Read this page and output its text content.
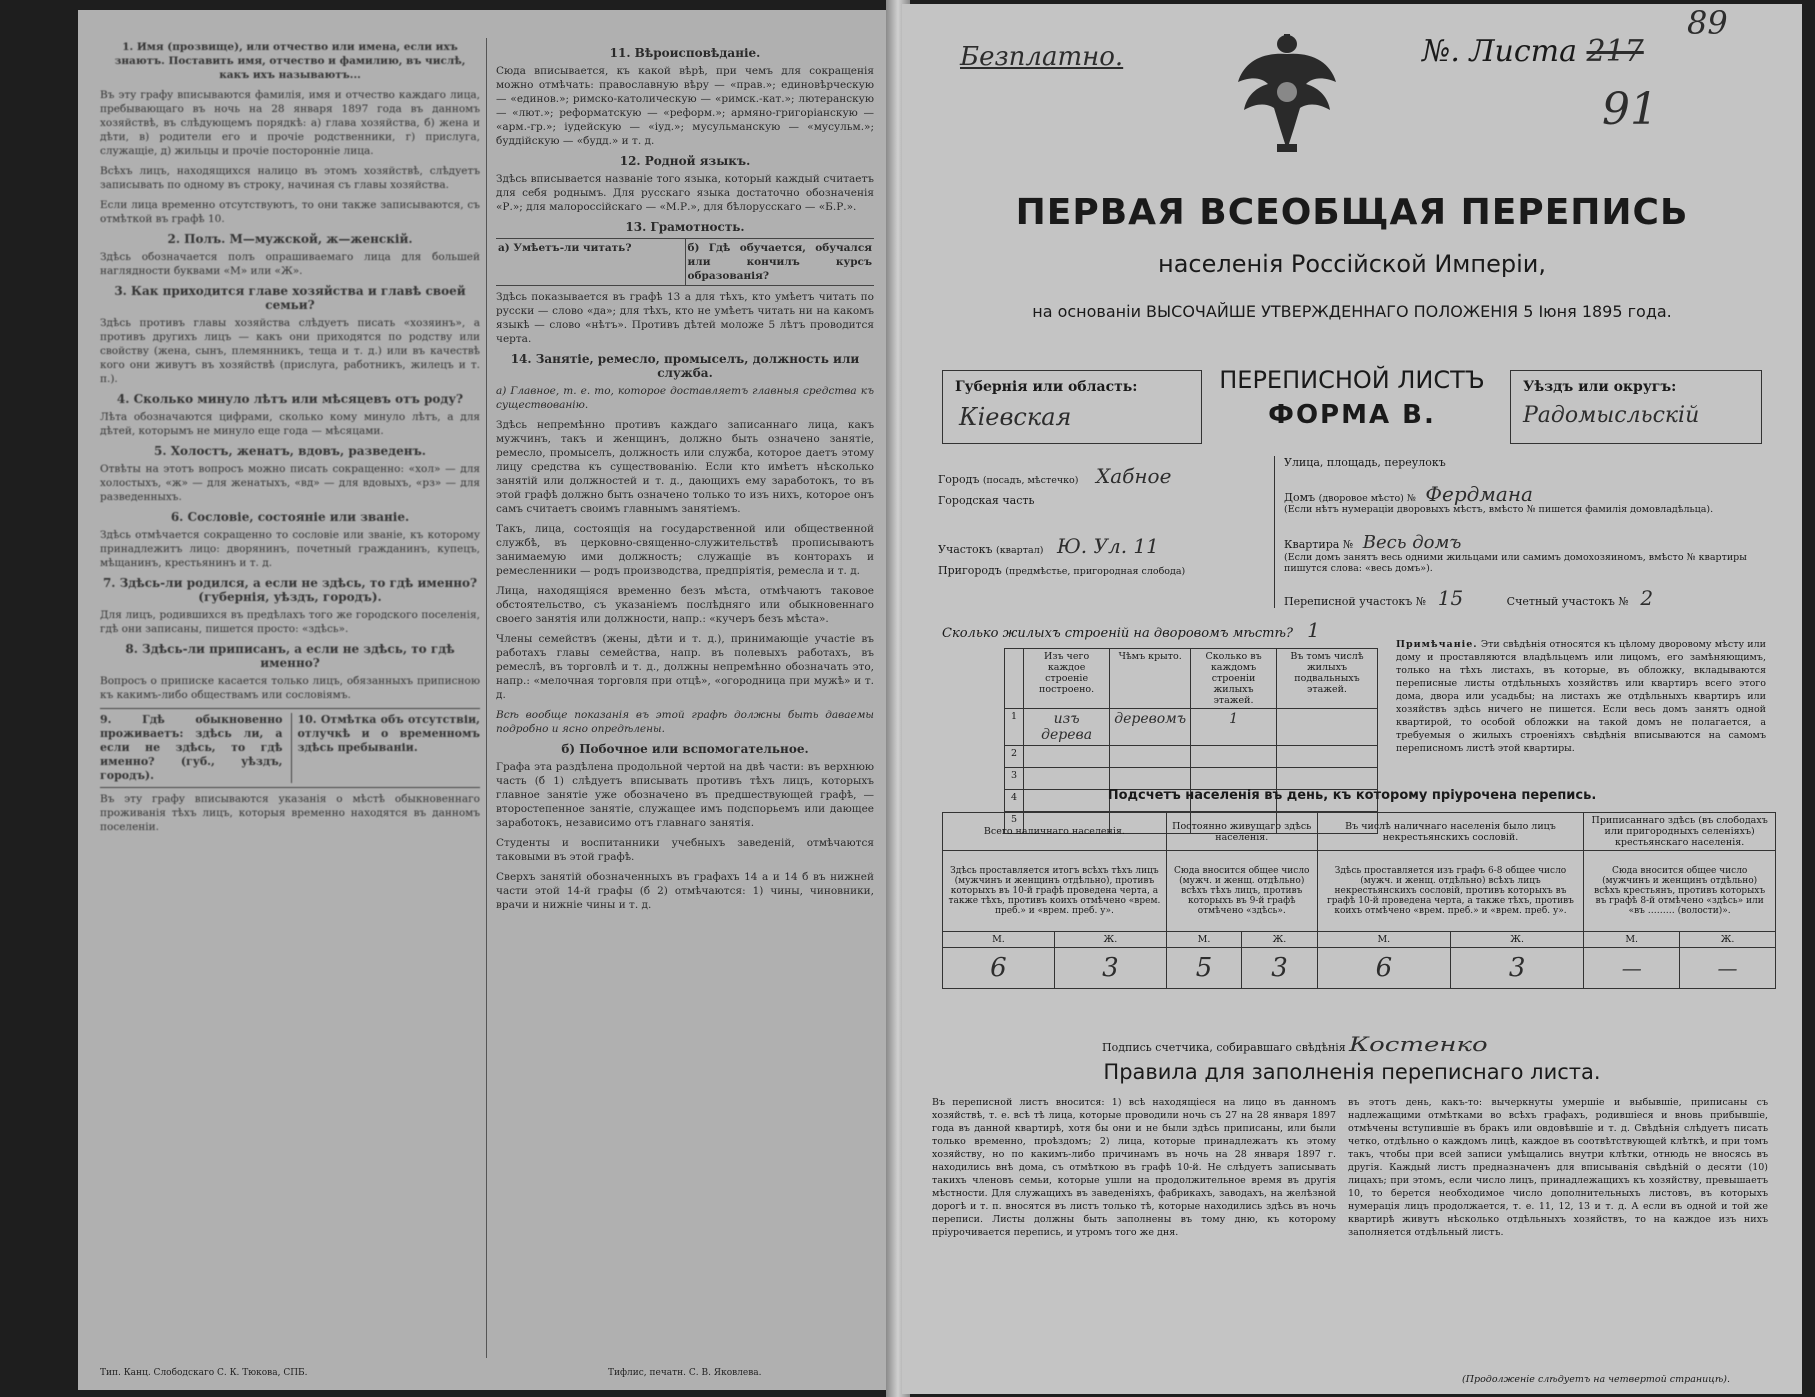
1. Имя (прозвище), или отчество или имена, если ихъ знаютъ. Поставить имя, отчество и фамилию, въ числѣ, какъ ихъ называютъ...

Въ эту графу вписываются фамилія, имя и отчество каждаго лица, пребывающаго въ ночь на 28 января 1897 года въ данномъ хозяйствѣ, въ слѣдующемъ порядкѣ: а) глава хозяйства, б) жена и дѣти, в) родители его и прочіе родственники, г) прислуга, служащіе, д) жильцы и прочіе посторонніе лица.

Всѣхъ лицъ, находящихся налицо въ этомъ хозяйствѣ, слѣдуетъ записывать по одному въ строку, начиная съ главы хозяйства.

Если лица временно отсутствуютъ, то они также записываются, съ отмѣткой въ графѣ 10.

2. Полъ. М—мужской, ж—женскій.

Здѣсь обозначается полъ опрашиваемаго лица для большей наглядности буквами «М» или «Ж».

3. Как приходится главе хозяйства и главѣ своей семьи?

Здѣсь противъ главы хозяйства слѣдуетъ писать «хозяинъ», а противъ другихъ лицъ — какъ они приходятся по родству или свойству (жена, сынъ, племянникъ, теща и т. д.) или въ качествѣ кого они живутъ въ хозяйствѣ (прислуга, работникъ, жилецъ и т. п.).

4. Сколько минуло лѣтъ или мѣсяцевъ отъ роду?

Лѣта обозначаются цифрами, сколько кому минуло лѣтъ, а для дѣтей, которымъ не минуло еще года — мѣсяцами.

5. Холостъ, женатъ, вдовъ, разведенъ.

Отвѣты на этотъ вопросъ можно писать сокращенно: «хол» — для холостыхъ, «ж» — для женатыхъ, «вд» — для вдовыхъ, «рз» — для разведенныхъ.

6. Сословіе, состояніе или званіе.

Здѣсь отмѣчается сокращенно то сословіе или званіе, къ которому принадлежитъ лицо: дворянинъ, почетный гражданинъ, купецъ, мѣщанинъ, крестьянинъ и т. д.

7. Здѣсь-ли родился, а если не здѣсь, то гдѣ именно? (губернія, уѣздъ, городъ).

Для лицъ, родившихся въ предѣлахъ того же городского поселенія, гдѣ они записаны, пишется просто: «здѣсь».

8. Здѣсь-ли приписанъ, а если не здѣсь, то гдѣ именно?

Вопросъ о приписке касается только лицъ, обязанныхъ приписною къ какимъ-либо обществамъ или сословіямъ.

9. Гдѣ обыкновенно проживаетъ: здѣсь ли, а если не здѣсь, то гдѣ именно? (губ., уѣздъ, городъ).
10. Отмѣтка объ отсутствіи, отлучкѣ и о временномъ здѣсь пребываніи.

Въ эту графу вписываются указанія о мѣстѣ обыкновеннаго проживанія тѣхъ лицъ, которыя временно находятся въ данномъ поселеніи.

Тип. Канц. Слободскаго С. К. Тюкова, СПБ.
11. Вѣроисповѣданіе.

Сюда вписывается, къ какой вѣрѣ, при чемъ для сокращенія можно отмѣчать: православную вѣру — «прав.»; единовѣрческую — «единов.»; римско-католическую — «римск.-кат.»; лютеранскую — «лют.»; реформатскую — «реформ.»; армяно-григоріанскую — «арм.-гр.»; іудейскую — «іуд.»; мусульманскую — «мусульм.»; буддійскую — «будд.» и т. д.

12. Родной языкъ.

Здѣсь вписывается названіе того языка, который каждый считаетъ для себя роднымъ. Для русскаго языка достаточно обозначенія «Р.»; для малороссійскаго — «М.Р.», для бѣлорусскаго — «Б.Р.».

13. Грамотность.
а) Умѣетъ-ли читать?	б) Гдѣ обучается, обучался или кончилъ курсъ образованія?

Здѣсь показывается въ графѣ 13 а для тѣхъ, кто умѣетъ читать по русски — слово «да»; для тѣхъ, кто не умѣетъ читать ни на какомъ языкѣ — слово «нѣтъ». Противъ дѣтей моложе 5 лѣтъ проводится черта.

14. Занятіе, ремесло, промыселъ, должность или служба.

а) Главное, т. е. то, которое доставляетъ главныя средства къ существованію.

Здѣсь непремѣнно противъ каждаго записаннаго лица, какъ мужчинъ, такъ и женщинъ, должно быть означено занятіе, ремесло, промыселъ, должность или служба, которое даетъ этому лицу средства къ существованію. Если кто имѣетъ нѣсколько занятій или должностей и т. д., дающихъ ему заработокъ, то въ этой графѣ должно быть означено только то изъ нихъ, которое онъ самъ считаетъ своимъ главнымъ занятіемъ.

Такъ, лица, состоящія на государственной или общественной службѣ, въ церковно-священно-служительствѣ прописываютъ занимаемую ими должность; служащіе въ конторахъ и ремесленники — родъ производства, предпріятія, ремесла и т. д.

Лица, находящіяся временно безъ мѣста, отмѣчаютъ таковое обстоятельство, съ указаніемъ послѣдняго или обыкновеннаго своего занятія или должности, напр.: «кучеръ безъ мѣста».

Члены семействъ (жены, дѣти и т. д.), принимающіе участіе въ работахъ главы семейства, напр. въ полевыхъ работахъ, въ ремеслѣ, въ торговлѣ и т. д., должны непремѣнно обозначать это, напр.: «мелочная торговля при отцѣ», «огородница при мужѣ» и т. д.

Всѣ вообще показанія въ этой графѣ должны быть даваемы подробно и ясно опредѣлены.

б) Побочное или вспомогательное.

Графа эта раздѣлена продольной чертой на двѣ части: въ верхнюю часть (б 1) слѣдуетъ вписывать противъ тѣхъ лицъ, которыхъ главное занятіе уже обозначено въ предшествующей графѣ, — второстепенное занятіе, служащее имъ подспорьемъ или дающее заработокъ, независимо отъ главнаго занятія.

Студенты и воспитанники учебныхъ заведеній, отмѣчаются таковыми въ этой графѣ.

Сверхъ занятій обозначенныхъ въ графахъ 14 а и 14 б въ нижней части этой 14-й графы (б 2) отмѣчаются: 1) чины, чиновники, врачи и нижніе чины и т. д.

Тифлис, печатн. С. В. Яковлева.
Безплатно.	№. Листа 217
89
91
ПЕРВАЯ ВСЕОБЩАЯ ПЕРЕПИСЬ
населенія Россійской Имперіи,
на основаніи ВЫСОЧАЙШЕ УТВЕРЖДЕННАГО ПОЛОЖЕНІЯ 5 Іюня 1895 года.
Губернія или область:
Кіевская
ПЕРЕПИСНОЙ ЛИСТЪ
ФОРМА В.
Уѣздъ или округъ:
Радомысльскій
Городъ (посадъ, мѣстечко) Хабное
Городская часть
Участокъ (квартал) Ю. Ул. 11
Пригородъ (предмѣстье, пригородная слобода)
Улица, площадь, переулокъ
Домъ (дворовое мѣсто) № Фердмана
(Если нѣтъ нумераціи дворовыхъ мѣстъ, вмѣсто № пишется фамилія домовладѣльца).
Квартира № Весь домъ
(Если домъ занятъ весь одними жильцами или самимъ домохозяиномъ, вмѣсто № квартиры пишутся слова: «весь домъ»).
Переписной участокъ № 15	Счетный участокъ № 2
Сколько жилыхъ строеній на дворовомъ мѣстѣ? 1
	Изъ чего каждое строеніе построено.	Чѣмъ крыто.	Сколько въ каждомъ строеніи жилыхъ этажей.	Въ томъ числѣ жилыхъ подвальныхъ этажей.
1	изъ дерева	деревомъ	1	
2				
3				
4				
5				
Примѣчаніе. Эти свѣдѣнія относятся къ цѣлому дворовому мѣсту или дому и проставляются владѣльцемъ или лицомъ, его замѣняющимъ, только на тѣхъ листахъ, въ которые, въ обложку, вкладываются переписные листы отдѣльныхъ хозяйствъ или квартиръ всего этого дома, двора или усадьбы; на листахъ же отдѣльныхъ квартиръ или хозяйствъ здѣсь ничего не пишется. Если весь домъ занятъ одной квартирой, то особой обложки на такой домъ не полагается, а требуемыя о жилыхъ строеніяхъ свѣдѣнія вписываются на самомъ переписномъ листѣ этой квартиры.
Подсчетъ населенія въ день, къ которому пріурочена перепись.
Всего наличнаго населенія.		Постоянно живущаго здѣсь населенія.		Въ числѣ наличнаго населенія было лицъ некрестьянскихъ сословій.		Приписаннаго здѣсь (въ слободахъ или пригородныхъ селеніяхъ) крестьянскаго населенія.	
Здѣсь проставляется итогъ всѣхъ тѣхъ лицъ (мужчинъ и женщинъ отдѣльно), противъ которыхъ въ 10-й графѣ проведена черта, а также тѣхъ, противъ коихъ отмѣчено «врем. преб.» и «врем. преб. у».		Сюда вносится общее число (мужч. и женщ. отдѣльно) всѣхъ тѣхъ лицъ, противъ которыхъ въ 9-й графѣ отмѣчено «здѣсь».		Здѣсь проставляется изъ графъ 6-8 общее число (мужч. и женщ. отдѣльно) всѣхъ лицъ некрестьянскихъ сословій, противъ которыхъ въ графѣ 10-й проведена черта, а также тѣхъ, противъ коихъ отмѣчено «врем. преб.» и «врем. преб. у».		Сюда вносится общее число (мужчинъ и женщинъ отдѣльно) всѣхъ крестьянъ, противъ которыхъ въ графѣ 8-й отмѣчено «здѣсь» или «въ ……… (волости)».	
М.	Ж.	М.	Ж.	М.	Ж.	М.	Ж.
6	3	5	3	6	3	—	—
Подпись счетчика, собиравшаго свѣдѣнія Костенко
Правила для заполненія переписнаго листа.
Въ переписной листъ вносится: 1) всѣ находящіеся на лицо въ данномъ хозяйствѣ, т. е. всѣ тѣ лица, которые проводили ночь съ 27 на 28 января 1897 года въ данной квартирѣ, хотя бы они и не были здѣсь приписаны, или были только временно, проѣздомъ; 2) лица, которые принадлежатъ къ этому хозяйству, но по какимъ-либо причинамъ въ ночь на 28 января 1897 г. находились внѣ дома, съ отмѣткою въ графѣ 10-й. Не слѣдуетъ записывать такихъ членовъ семьи, которые ушли на продолжительное время въ другія мѣстности. Для служащихъ въ заведеніяхъ, фабрикахъ, заводахъ, на желѣзной дорогѣ и т. п. вносятся въ листъ только тѣ, которые находились здѣсь въ ночь переписи. Листы должны быть заполнены въ тому дню, къ которому пріурочивается перепись, и утромъ того же дня.
въ этотъ день, какъ-то: вычеркнуты умершіе и выбывшіе, приписаны съ надлежащими отмѣтками во всѣхъ графахъ, родившіеся и вновь прибывшіе, отмѣчены вступившіе въ бракъ или овдовѣвшіе и т. д. Свѣдѣнія слѣдуетъ писать четко, отдѣльно о каждомъ лицѣ, каждое въ соотвѣтствующей клѣткѣ, и при томъ такъ, чтобы при всей записи умѣщались внутри клѣтки, отнюдь не вносясь въ другія. Каждый листъ предназначенъ для вписыванія свѣдѣній о десяти (10) лицахъ; при этомъ, если число лицъ, принадлежащихъ къ хозяйству, превышаетъ 10, то берется необходимое число дополнительныхъ листовъ, въ которыхъ нумерація лицъ продолжается, т. е. 11, 12, 13 и т. д. А если въ одной и той же квартирѣ живутъ нѣсколько отдѣльныхъ хозяйствъ, то на каждое изъ нихъ заполняется отдѣльный листъ.
(Продолженіе слѣдуетъ на четвертой страницѣ).
